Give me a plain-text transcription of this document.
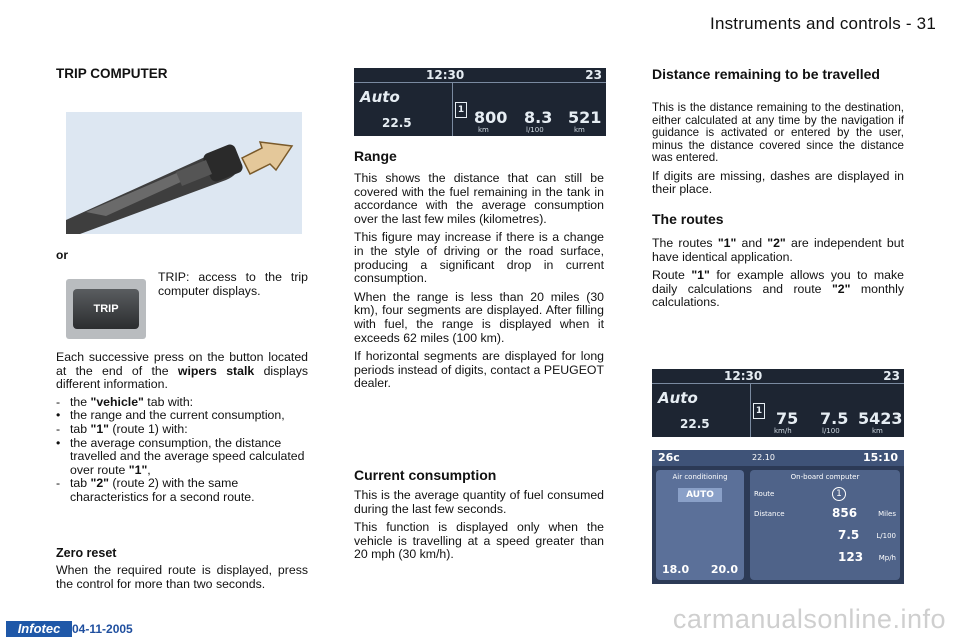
Instruments and controls - 31
TRIP COMPUTER
or
TRIP
TRIP: access to the trip computer displays.
Each successive press on the button located at the end of the wipers stalk displays different information.
- the "vehicle" tab with:
• the range and the current consumption,
- tab "1" (route 1) with:
• the average consumption, the distance travelled and the average speed calculated over route "1",
- tab "2" (route 2) with the same characteristics for a second route.
Zero reset
When the required route is displayed, press the control for more than two seconds.
12:30	23
Auto
22.5
1 800
km
8.3
l/100
521
km
Range
This shows the distance that can still be covered with the fuel remaining in the tank in accordance with the average consumption over the last few miles (kilometres).
This figure may increase if there is a change in the style of driving or the road surface, producing a significant drop in current consumption.
When the range is less than 20 miles (30 km), four segments are displayed. After filling with fuel, the range is displayed when it exceeds 62 miles (100 km).
If horizontal segments are displayed for long periods instead of digits, contact a PEUGEOT dealer.
Current consumption
This is the average quantity of fuel consumed during the last few seconds.
This function is displayed only when the vehicle is travelling at a speed greater than 20 mph (30 km/h).
Distance remaining to be travelled
This is the distance remaining to the destination, either calculated at any time by the navigation if guidance is activated or entered by the user, minus the distance covered since the distance was entered.
If digits are missing, dashes are displayed in their place.
The routes
The routes "1" and "2" are independent but have identical application.
Route "1" for example allows you to make daily calculations and route "2" monthly calculations.
12:30	23
Auto
22.5
1 75
km/h
7.5
l/100
5423
km
26c	22.10	15:10
Air conditioning
AUTO
18.0 20.0
On-board computer
Route	1
Distance	856	Miles
7.5 L/100
123 Mp/h
Infotec 04-11-2005	carmanualsonline.info
